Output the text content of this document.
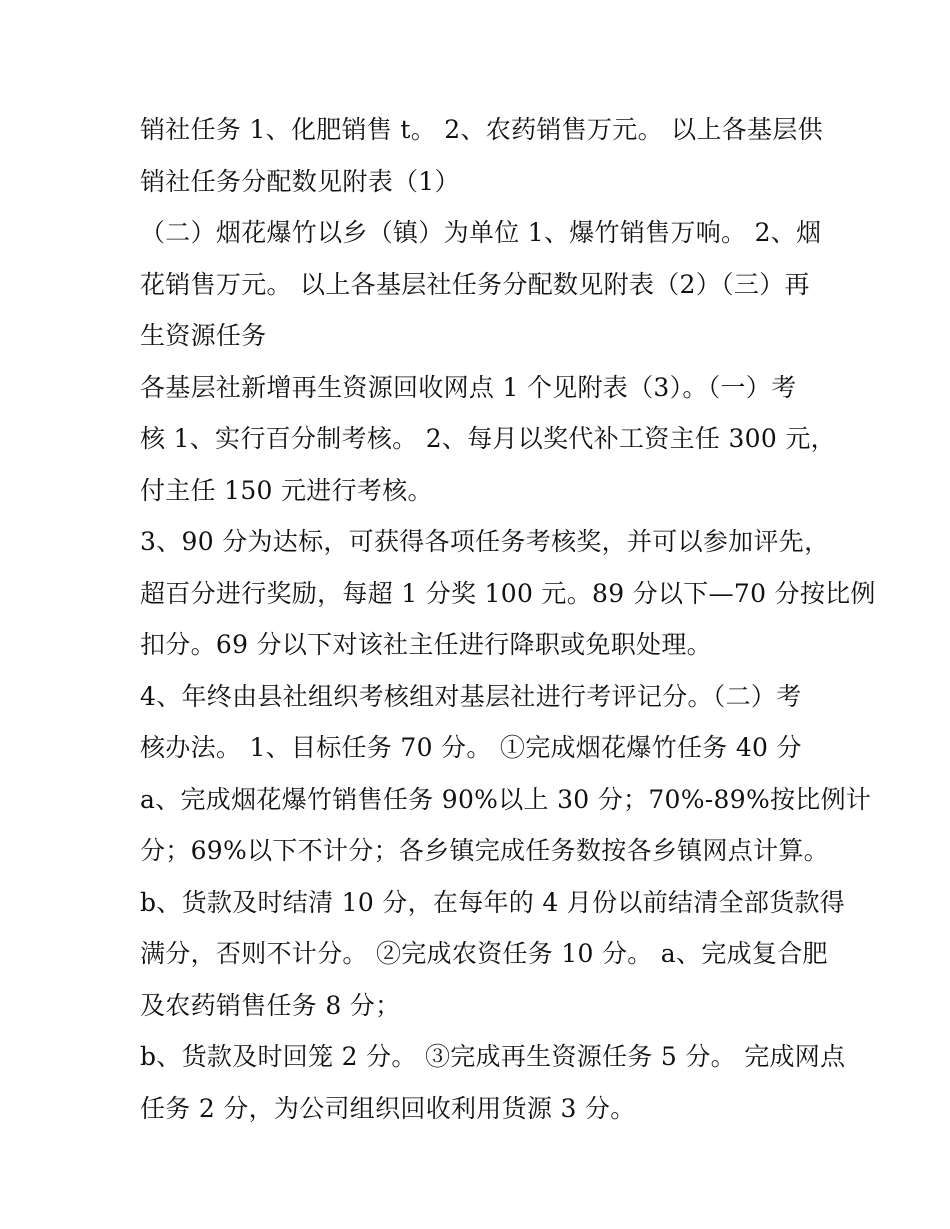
销社任务 1、化肥销售 t。 2、农药销售万元。 以上各基层供
销社任务分配数见附表（1）
（二）烟花爆竹以乡（镇）为单位 1、爆竹销售万响。 2、烟
花销售万元。 以上各基层社任务分配数见附表（2）（三）再
生资源任务
各基层社新增再生资源回收网点 1 个见附表（3）。（一）考
核 1、实行百分制考核。 2、每月以奖代补工资主任 300 元，
付主任 150 元进行考核。
3、90 分为达标，可获得各项任务考核奖，并可以参加评先，
超百分进行奖励，每超 1 分奖 100 元。89 分以下—70 分按比例
扣分。69 分以下对该社主任进行降职或免职处理。
4、年终由县社组织考核组对基层社进行考评记分。（二）考
核办法。 1、目标任务 70 分。 ①完成烟花爆竹任务 40 分
a、完成烟花爆竹销售任务 90%以上 30 分；70%-89%按比例计
分；69%以下不计分；各乡镇完成任务数按各乡镇网点计算。
b、货款及时结清 10 分，在每年的 4 月份以前结清全部货款得
满分，否则不计分。 ②完成农资任务 10 分。 a、完成复合肥
及农药销售任务 8 分；
b、货款及时回笼 2 分。 ③完成再生资源任务 5 分。 完成网点
任务 2 分，为公司组织回收利用货源 3 分。
